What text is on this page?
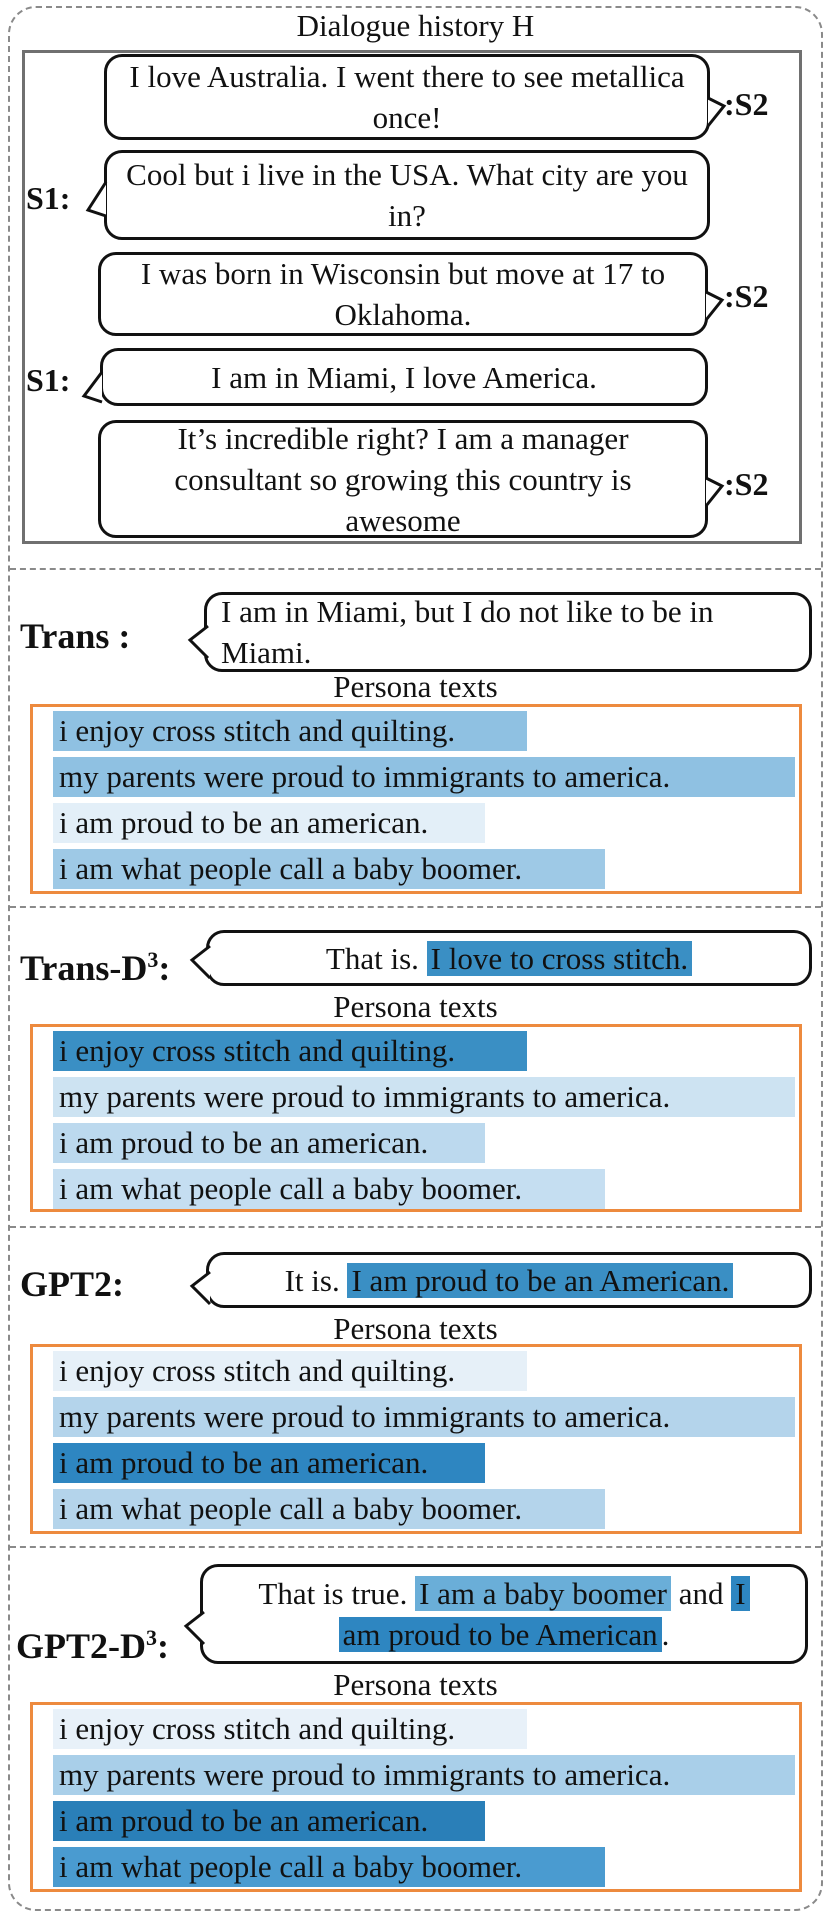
Dialogue history H
I love Australia. I went there to see metallica once!	:S2
Cool but i live in the USA. What city are you in?
S1:
I was born in Wisconsin but move at 17 to Oklahoma.
:S2
I am in Miami, I love America.
S1:
It’s incredible right? I am a manager consultant so growing this country is awesome
:S2
Trans :
I am in Miami, but I do not like to be in Miami.
Persona texts
i enjoy cross stitch and quilting.
my parents were proud to immigrants to america.
i am proud to be an american.
i am what people call a baby boomer.
Trans-$D^3$:	That is. I love to cross stitch.
Persona texts
i enjoy cross stitch and quilting.
my parents were proud to immigrants to america.
i am proud to be an american.
i am what people call a baby boomer.
GPT2:	It is. I am proud to be an American.
Persona texts
i enjoy cross stitch and quilting.
my parents were proud to immigrants to america.
i am proud to be an american.
i am what people call a baby boomer.
$GPT2-D^3$:
That is true. I am a baby boomer and I
am proud to be American .
Persona texts
i enjoy cross stitch and quilting.
my parents were proud to immigrants to america.
i am proud to be an american.
i am what people call a baby boomer.
